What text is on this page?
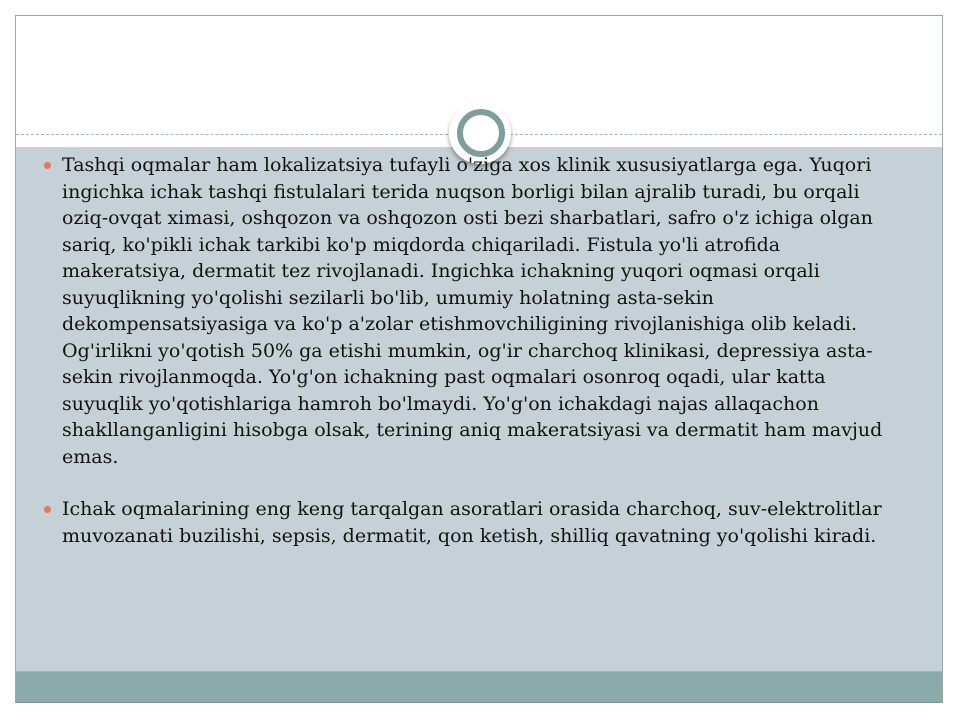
Tashqi oqmalar ham lokalizatsiya tufayli o'ziga xos klinik xususiyatlarga ega. Yuqori ingichka ichak tashqi fistulalari terida nuqson borligi bilan ajralib turadi, bu orqali oziq-ovqat ximasi, oshqozon va oshqozon osti bezi sharbatlari, safro o'z ichiga olgan sariq, ko'pikli ichak tarkibi ko'p miqdorda chiqariladi. Fistula yo'li atrofida makeratsiya, dermatit tez rivojlanadi. Ingichka ichakning yuqori oqmasi orqali suyuqlikning yo'qolishi sezilarli bo'lib, umumiy holatning asta-sekin dekompensatsiyasiga va ko'p a'zolar etishmovchiligining rivojlanishiga olib keladi. Og'irlikni yo'qotish 50% ga etishi mumkin, og'ir charchoq klinikasi, depressiya asta-sekin rivojlanmoqda. Yo'g'on ichakning past oqmalari osonroq oqadi, ular katta suyuqlik yo'qotishlariga hamroh bo'lmaydi. Yo'g'on ichakdagi najas allaqachon shakllanganligini hisobga olsak, terining aniq makeratsiyasi va dermatit ham mavjud emas.

Ichak oqmalarining eng keng tarqalgan asoratlari orasida charchoq, suv-elektrolitlar muvozanati buzilishi, sepsis, dermatit, qon ketish, shilliq qavatning yo'qolishi kiradi.
